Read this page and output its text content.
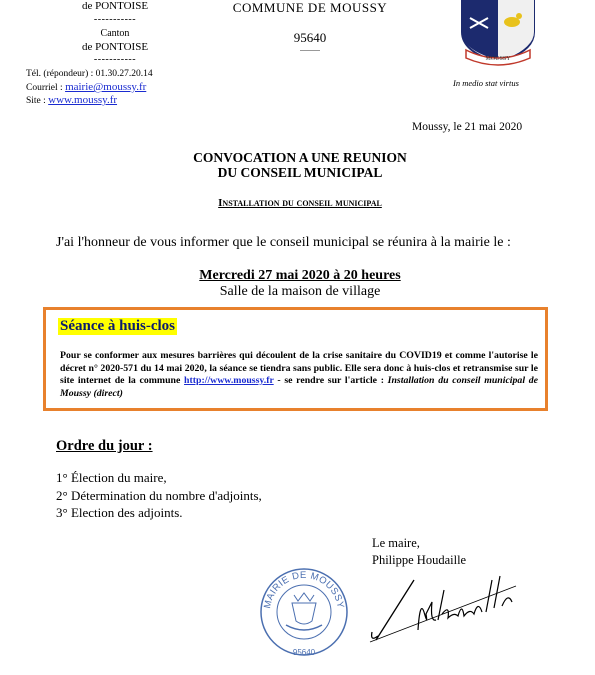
de PONTOISE
-----------
Canton
de PONTOISE
-----------
Tél. (répondeur) : 01.30.27.20.14
Courriel : mairie@moussy.fr
Site : www.moussy.fr
COMMUNE DE MOUSSY
95640
MOUSSY
In medio stat virtus
Moussy, le 21 mai 2020
CONVOCATION A UNE REUNION
DU CONSEIL MUNICIPAL
Installation du conseil municipal
J'ai l'honneur de vous informer que le conseil municipal se réunira à la mairie le :
Mercredi 27 mai 2020 à 20 heures
Salle de la maison de village
Séance à huis-clos
Pour se conformer aux mesures barrières qui découlent de la crise sanitaire du COVID19 et comme l'autorise le décret n° 2020-571 du 14 mai 2020, la séance se tiendra sans public. Elle sera donc à huis-clos et retransmise sur le site internet de la commune http://www.moussy.fr - se rendre sur l'article : Installation du conseil municipal de Moussy (direct)
Ordre du jour :
1° Élection du maire,
2° Détermination du nombre d'adjoints,
3° Election des adjoints.
Le maire,
Philippe Houdaille
MAIRIE DE MOUSSY
95640
